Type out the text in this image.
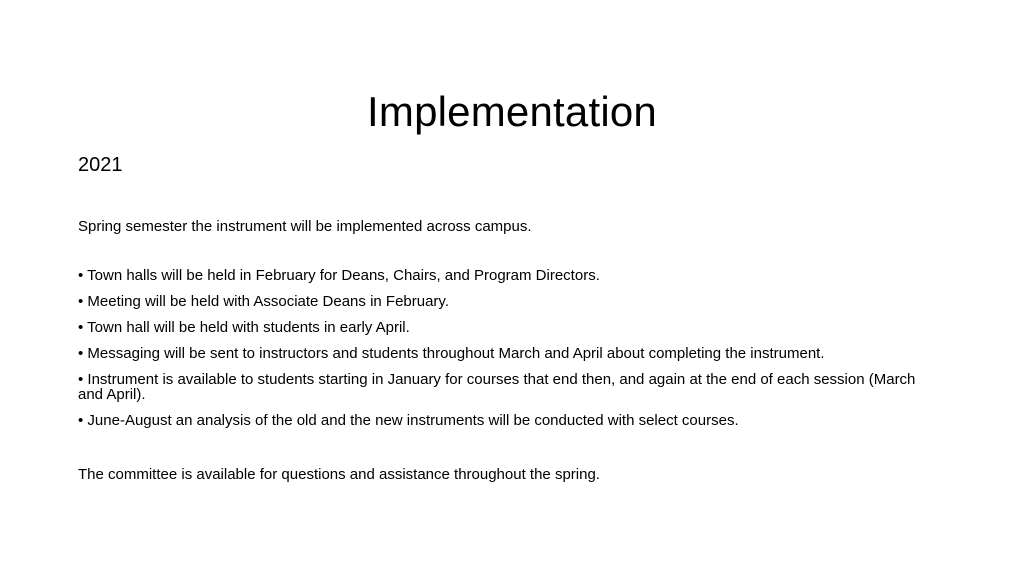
Implementation

2021

Spring semester the instrument will be implemented across campus.

• Town halls will be held in February for Deans, Chairs, and Program Directors.
• Meeting will be held with Associate Deans in February.
• Town hall will be held with students in early April.
• Messaging will be sent to instructors and students throughout March and April about completing the instrument.
• Instrument is available to students starting in January for courses that end then, and again at the end of each session (March and April).
• June-August an analysis of the old and the new instruments will be conducted with select courses.

The committee is available for questions and assistance throughout the spring.
